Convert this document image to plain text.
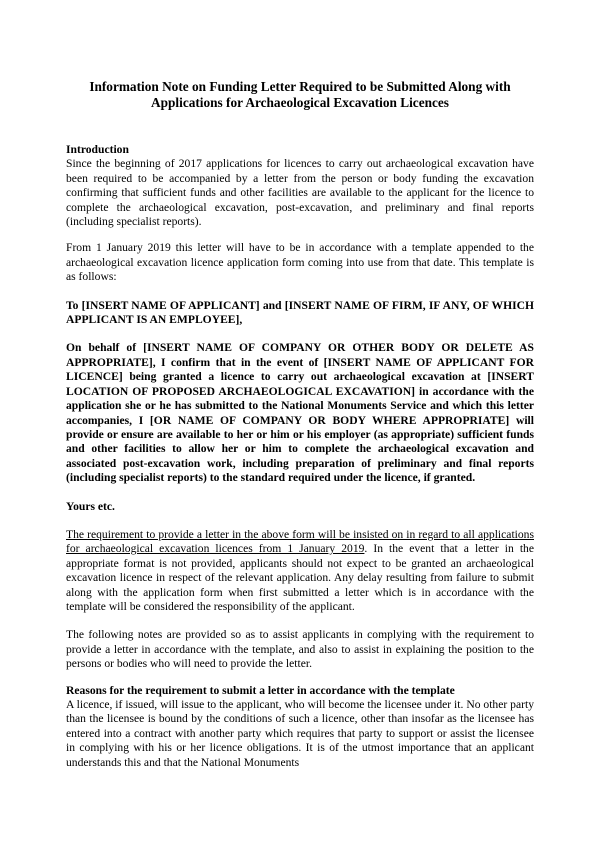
Information Note on Funding Letter Required to be Submitted Along with
Applications for Archaeological Excavation Licences
Introduction

Since the beginning of 2017 applications for licences to carry out archaeological excavation have been required to be accompanied by a letter from the person or body funding the excavation confirming that sufficient funds and other facilities are available to the applicant for the licence to complete the archaeological excavation, post-excavation, and preliminary and final reports (including specialist reports).

From 1 January 2019 this letter will have to be in accordance with a template appended to the archaeological excavation licence application form coming into use from that date. This template is as follows:

To [INSERT NAME OF APPLICANT] and [INSERT NAME OF FIRM, IF ANY, OF WHICH APPLICANT IS AN EMPLOYEE],

On behalf of [INSERT NAME OF COMPANY OR OTHER BODY OR DELETE AS APPROPRIATE], I confirm that in the event of [INSERT NAME OF APPLICANT FOR LICENCE] being granted a licence to carry out archaeological excavation at [INSERT LOCATION OF PROPOSED ARCHAEOLOGICAL EXCAVATION] in accordance with the application she or he has submitted to the National Monuments Service and which this letter accompanies, I [OR NAME OF COMPANY OR BODY WHERE APPROPRIATE] will provide or ensure are available to her or him or his employer (as appropriate) sufficient funds and other facilities to allow her or him to complete the archaeological excavation and associated post-excavation work, including preparation of preliminary and final reports (including specialist reports) to the standard required under the licence, if granted.

Yours etc.

The requirement to provide a letter in the above form will be insisted on in regard to all applications for archaeological excavation licences from 1 January 2019. In the event that a letter in the appropriate format is not provided, applicants should not expect to be granted an archaeological excavation licence in respect of the relevant application. Any delay resulting from failure to submit along with the application form when first submitted a letter which is in accordance with the template will be considered the responsibility of the applicant.

The following notes are provided so as to assist applicants in complying with the requirement to provide a letter in accordance with the template, and also to assist in explaining the position to the persons or bodies who will need to provide the letter.

Reasons for the requirement to submit a letter in accordance with the template

A licence, if issued, will issue to the applicant, who will become the licensee under it. No other party than the licensee is bound by the conditions of such a licence, other than insofar as the licensee has entered into a contract with another party which requires that party to support or assist the licensee in complying with his or her licence obligations. It is of the utmost importance that an applicant understands this and that the National Monuments
